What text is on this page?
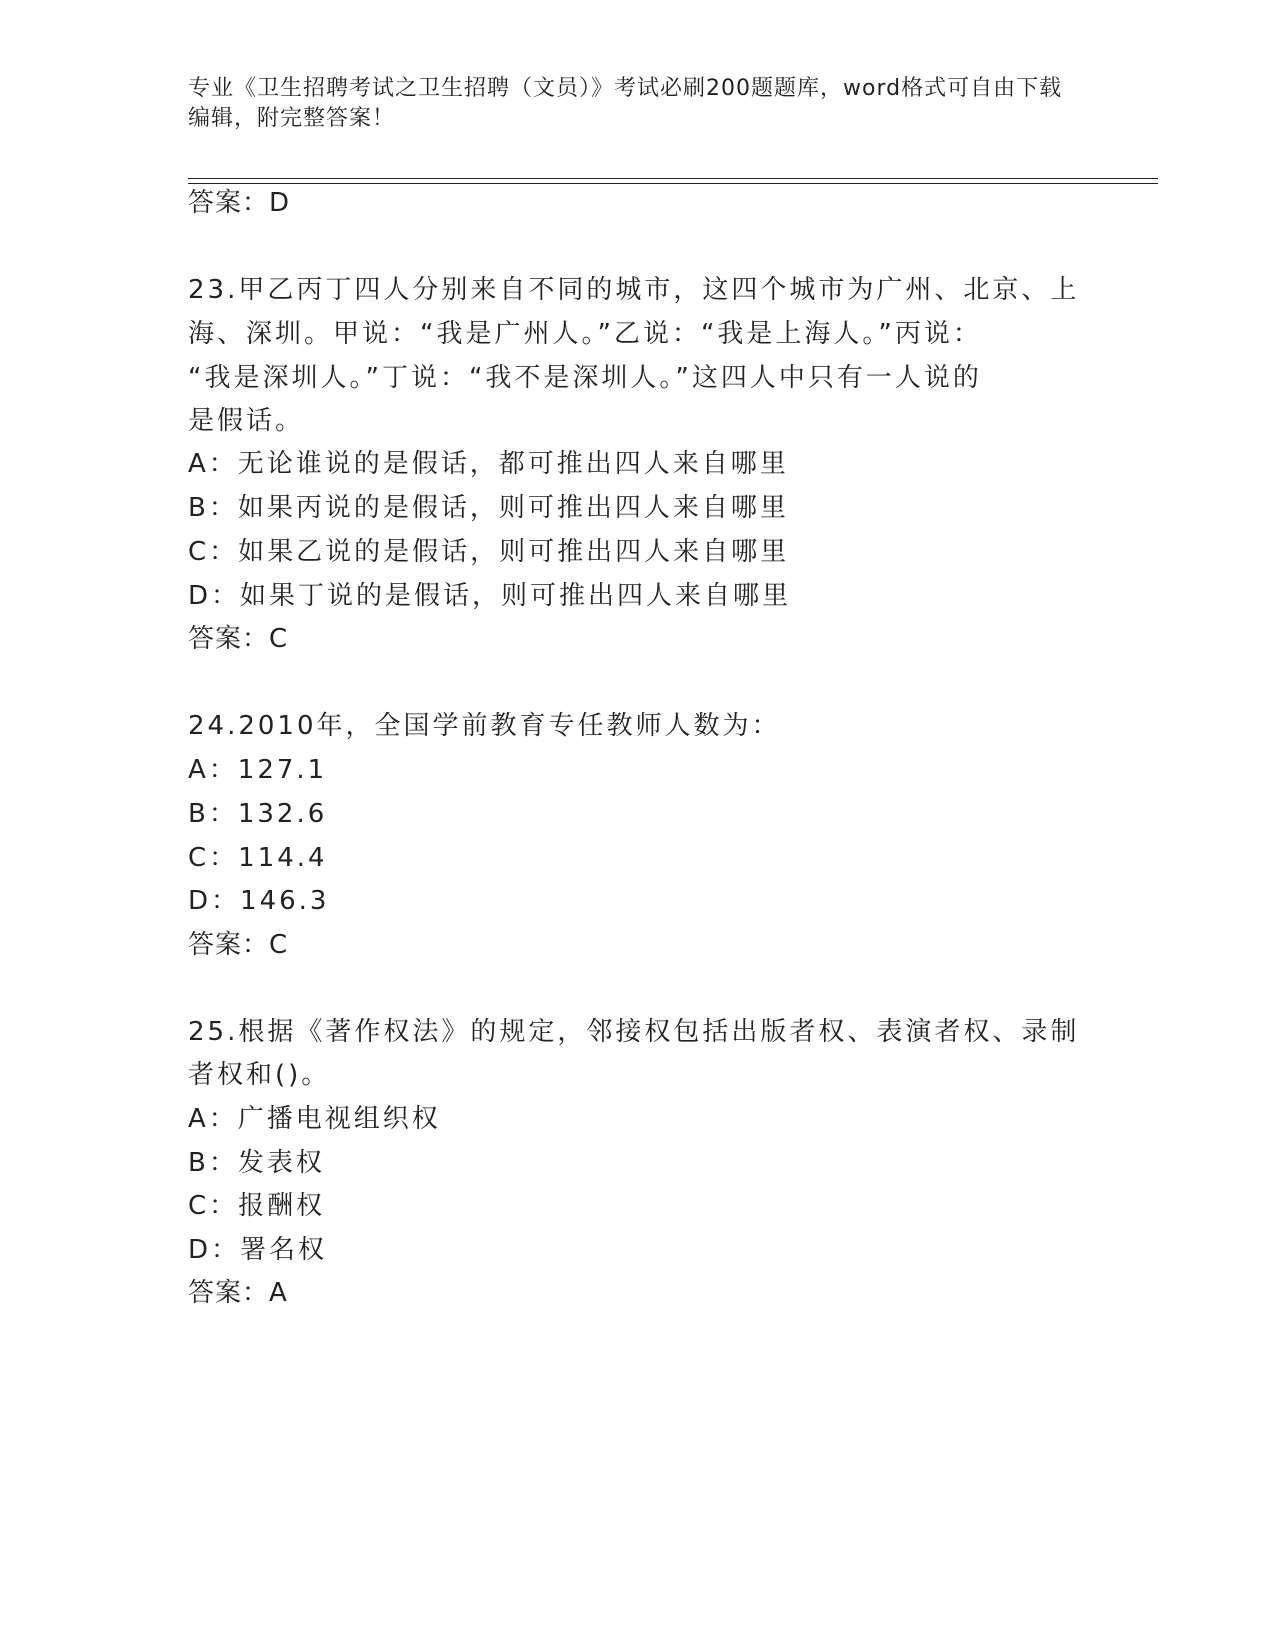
专业《卫生招聘考试之卫生招聘（文员）》考试必刷200题题库，word格式可自由下载编辑，附完整答案！
答案：D
23.甲乙丙丁四人分别来自不同的城市，这四个城市为广州、北京、上
海、深圳。甲说：“我是广州人。”乙说：“我是上海人。”丙说：
“我是深圳人。”丁说：“我不是深圳人。”这四人中只有一人说的
是假话。
A：无论谁说的是假话，都可推出四人来自哪里
B：如果丙说的是假话，则可推出四人来自哪里
C：如果乙说的是假话，则可推出四人来自哪里
D：如果丁说的是假话，则可推出四人来自哪里
答案：C
24.2010年，全国学前教育专任教师人数为：
A：127.1
B：132.6
C：114.4
D：146.3
答案：C
25.根据《著作权法》的规定，邻接权包括出版者权、表演者权、录制
者权和()。
A：广播电视组织权
B：发表权
C：报酬权
D：署名权
答案：A
